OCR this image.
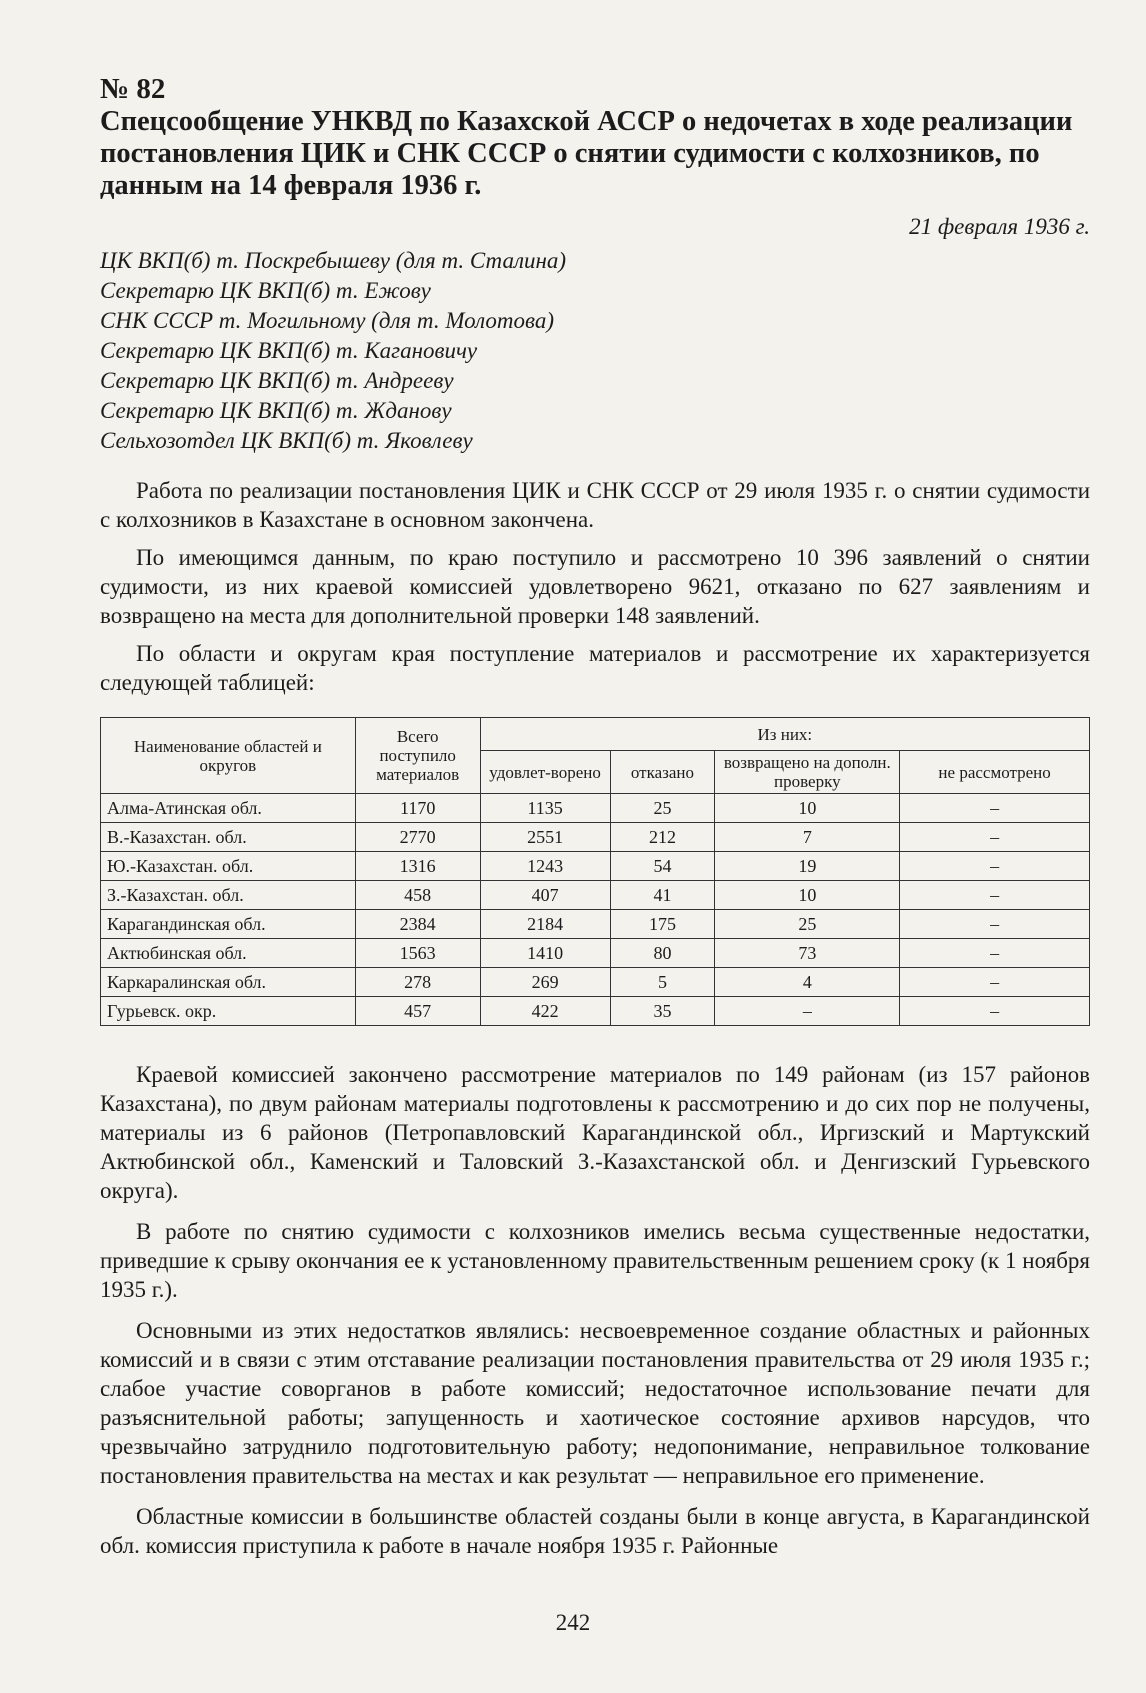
№ 82
Спецсообщение УНКВД по Казахской АССР о недочетах в ходе реализации постановления ЦИК и СНК СССР о снятии судимости с колхозников, по данным на 14 февраля 1936 г.
21 февраля 1936 г.
ЦК ВКП(б) т. Поскребышеву (для т. Сталина)
Секретарю ЦК ВКП(б) т. Ежову
СНК СССР т. Могильному (для т. Молотова)
Секретарю ЦК ВКП(б) т. Кагановичу
Секретарю ЦК ВКП(б) т. Андрееву
Секретарю ЦК ВКП(б) т. Жданову
Сельхозотдел ЦК ВКП(б) т. Яковлеву

Работа по реализации постановления ЦИК и СНК СССР от 29 июля 1935 г. о снятии судимости с колхозников в Казахстане в основном закончена.

По имеющимся данным, по краю поступило и рассмотрено 10 396 заявлений о снятии судимости, из них краевой комиссией удовлетворено 9621, отказано по 627 заявлениям и возвращено на места для дополнительной проверки 148 заявлений.

По области и округам края поступление материалов и рассмотрение их характеризуется следующей таблицей:

Наименование областей и округов	Всего поступило материалов	Из них:			
		удовлет-ворено	отказано	возвращено на дополн. проверку	не рассмотрено
Алма-Атинская обл.	1170	1135	25	10	–
В.-Казахстан. обл.	2770	2551	212	7	–
Ю.-Казахстан. обл.	1316	1243	54	19	–
З.-Казахстан. обл.	458	407	41	10	–
Карагандинская обл.	2384	2184	175	25	–
Актюбинская обл.	1563	1410	80	73	–
Каркаралинская обл.	278	269	5	4	–
Гурьевск. окр.	457	422	35	–	–

Краевой комиссией закончено рассмотрение материалов по 149 районам (из 157 районов Казахстана), по двум районам материалы подготовлены к рассмотрению и до сих пор не получены, материалы из 6 районов (Петропавловский Карагандинской обл., Иргизский и Мартукский Актюбинской обл., Каменский и Таловский З.-Казахстанской обл. и Денгизский Гурьевского округа).

В работе по снятию судимости с колхозников имелись весьма существенные недостатки, приведшие к срыву окончания ее к установленному правительственным решением сроку (к 1 ноября 1935 г.).

Основными из этих недостатков являлись: несвоевременное создание областных и районных комиссий и в связи с этим отставание реализации постановления правительства от 29 июля 1935 г.; слабое участие соворганов в работе комиссий; недостаточное использование печати для разъяснительной работы; запущенность и хаотическое состояние архивов нарсудов, что чрезвычайно затруднило подготовительную работу; недопонимание, неправильное толкование постановления правительства на местах и как результат — неправильное его применение.

Областные комиссии в большинстве областей созданы были в конце августа, в Карагандинской обл. комиссия приступила к работе в начале ноября 1935 г. Районные

242
